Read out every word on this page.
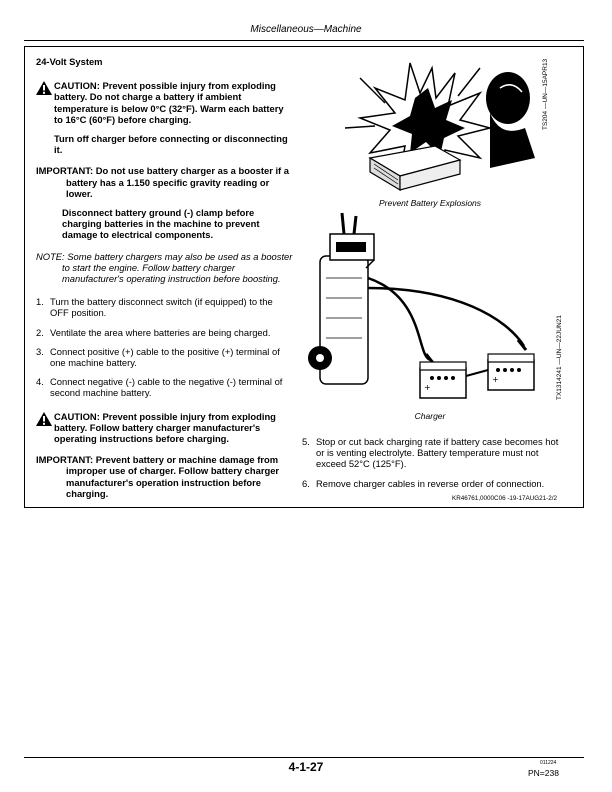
Miscellaneous—Machine
24-Volt System
CAUTION: Prevent possible injury from exploding battery. Do not charge a battery if ambient temperature is below 0°C (32°F). Warm each battery to 16°C (60°F) before charging.
Turn off charger before connecting or disconnecting it.
IMPORTANT: Do not use battery charger as a booster if a battery has a 1.150 specific gravity reading or lower.
Disconnect battery ground (-) clamp before charging batteries in the machine to prevent damage to electrical components.
NOTE: Some battery chargers may also be used as a booster to start the engine. Follow battery charger manufacturer's operating instruction before boosting.
1. Turn the battery disconnect switch (if equipped) to the OFF position.
2. Ventilate the area where batteries are being charged.
3. Connect positive (+) cable to the positive (+) terminal of one machine battery.
4. Connect negative (-) cable to the negative (-) terminal of second machine battery.
CAUTION: Prevent possible injury from exploding battery. Follow battery charger manufacturer's operating instructions before charging.
IMPORTANT: Prevent battery or machine damage from improper use of charger. Follow battery charger manufacturer's operation instruction before charging.
Prevent Battery Explosions
TS204 —UN—15APR13
+
+
Charger
TX1314241 —UN—22JUN21
5. Stop or cut back charging rate if battery case becomes hot or is venting electrolyte. Battery temperature must not exceed 52°C (125°F).
6. Remove charger cables in reverse order of connection.
KR46761,0000C06 -19-17AUG21-2/2
4-1-27	011224
PN=238
